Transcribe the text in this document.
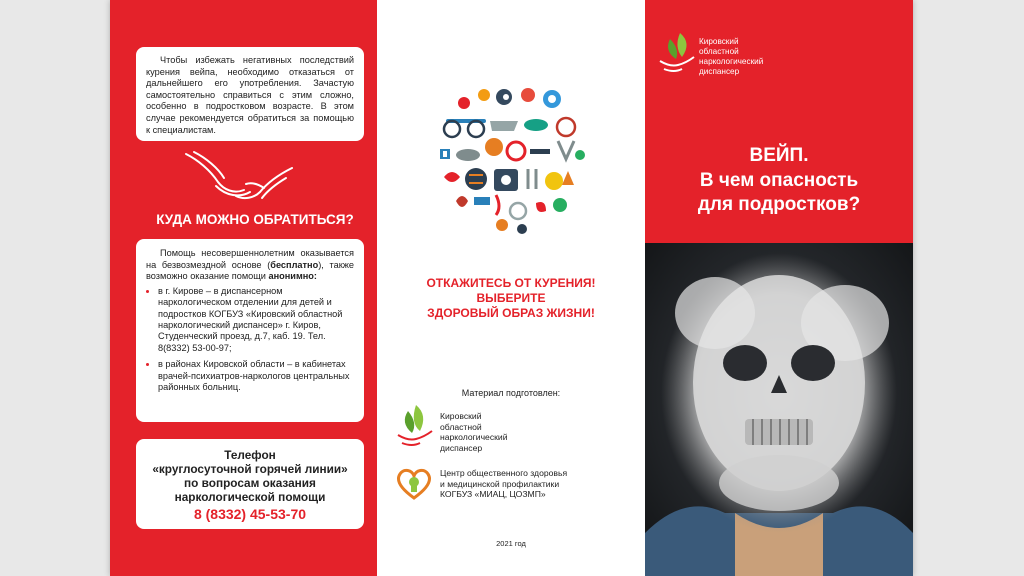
Чтобы избежать негативных последствий курения вейпа, необходимо отказаться от дальнейшего его употребления. Зачастую самостоятельно справиться с этим сложно, особенно в подростковом возрасте. В этом случае рекомендуется обратиться за помощью к специалистам.

КУДА МОЖНО ОБРАТИТЬСЯ?

Помощь несовершеннолетним оказывается на безвозмездной основе (бесплатно), также возможно оказание помощи анонимно:

• в г. Кирове – в диспансерном наркологическом отделении для детей и подростков КОГБУЗ «Кировский областной наркологический диспансер» г. Киров, Студенческий проезд, д.7, каб. 19. Тел. 8(8332) 53-00-97;
• в районах Кировской области – в кабинетах врачей-психиатров-наркологов центральных районных больниц.
Телефон
«круглосуточной горячей линии»
по вопросам оказания
наркологической помощи
8 (8332) 45-53-70
ОТКАЖИТЕСЬ ОТ КУРЕНИЯ!
ВЫБЕРИТЕ
ЗДОРОВЫЙ ОБРАЗ ЖИЗНИ!
Материал подготовлен:
Кировский
областной
наркологический
диспансер
Центр общественного здоровья
и медицинской профилактики
КОГБУЗ «МИАЦ, ЦОЗМП»
2021 год
Кировский
областной
наркологический
диспансер
ВЕЙП.
В чем опасность
для подростков?
